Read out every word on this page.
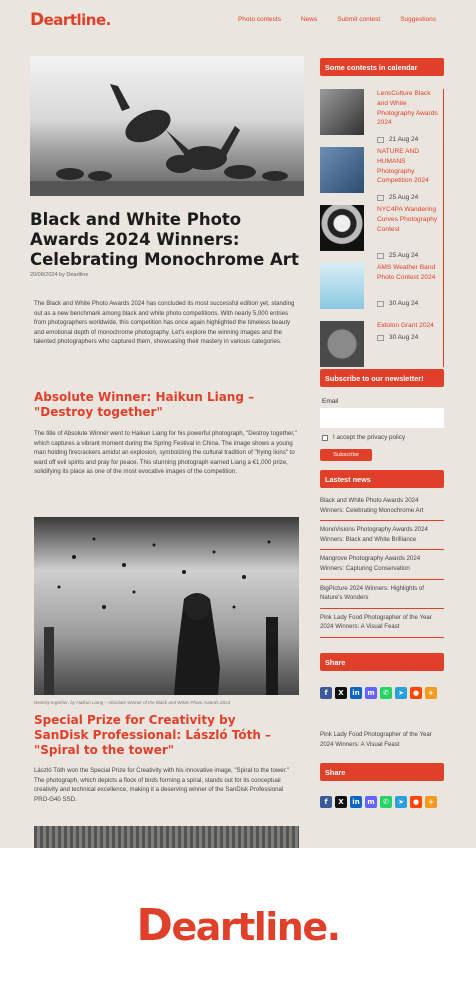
Deartline.	Photo contests	News	Submit contest	Suggestions
Black and White Photo Awards 2024 Winners: Celebrating Monochrome Art
20/08/2024 by Deartline

The Black and White Photo Awards 2024 has concluded its most successful edition yet, standing out as a new benchmark among black and white photo competitions. With nearly 5,000 entries from photographers worldwide, this competition has once again highlighted the timeless beauty and emotional depth of monochrome photography. Let's explore the winning images and the talented photographers who captured them, showcasing their mastery in various categories.

Absolute Winner: Haikun Liang – "Destroy together"

The title of Absolute Winner went to Haikun Liang for his powerful photograph, "Destroy together," which captures a vibrant moment during the Spring Festival in China. The image shows a young man holding firecrackers amidst an explosion, symbolizing the cultural tradition of "frying lions" to ward off evil spirits and pray for peace. This stunning photograph earned Liang a €1,000 prize, solidifying its place as one of the most evocative images of the competition.

Destroy together, by Haikun Liang – Absolute Winner of the Black and White Photo Awards 2024
Special Prize for Creativity by SanDisk Professional: László Tóth – "Spiral to the tower"

László Tóth won the Special Prize for Creativity with his innovative image, "Spiral to the tower." The photograph, which depicts a flock of birds forming a spiral, stands out for its conceptual creativity and technical excellence, making it a deserving winner of the SanDisk Professional PRO-G40 SSD.

Some contests in calendar
LensCulture Black and White Photography Awards 2024
21 Aug 24
NATURE AND HUMANS Photography Competition 2024
25 Aug 24
NYC4PA Wandering Curves Photography Contest
25 Aug 24
AMS Weather Band Photo Contest 2024
30 Aug 24
Eidolon Grant 2024
30 Aug 24
Subscribe to our newsletter!
Email
I accept the privacy policy
Subscribe
Lastest news
Black and White Photo Awards 2024 Winners: Celebrating Monochrome Art
MonoVisions Photography Awards 2024 Winners: Black and White Brilliance
Mangrove Photography Awards 2024 Winners: Capturing Conservation
BigPicture 2024 Winners: Highlights of Nature's Wonders
Pink Lady Food Photographer of the Year 2024 Winners: A Visual Feast
Share
f	X	in	m	✆	➤	●	+
Pink Lady Food Photographer of the Year 2024 Winners: A Visual Feast
Share
f	X	in	m	✆	➤	●	+
Deartline.
